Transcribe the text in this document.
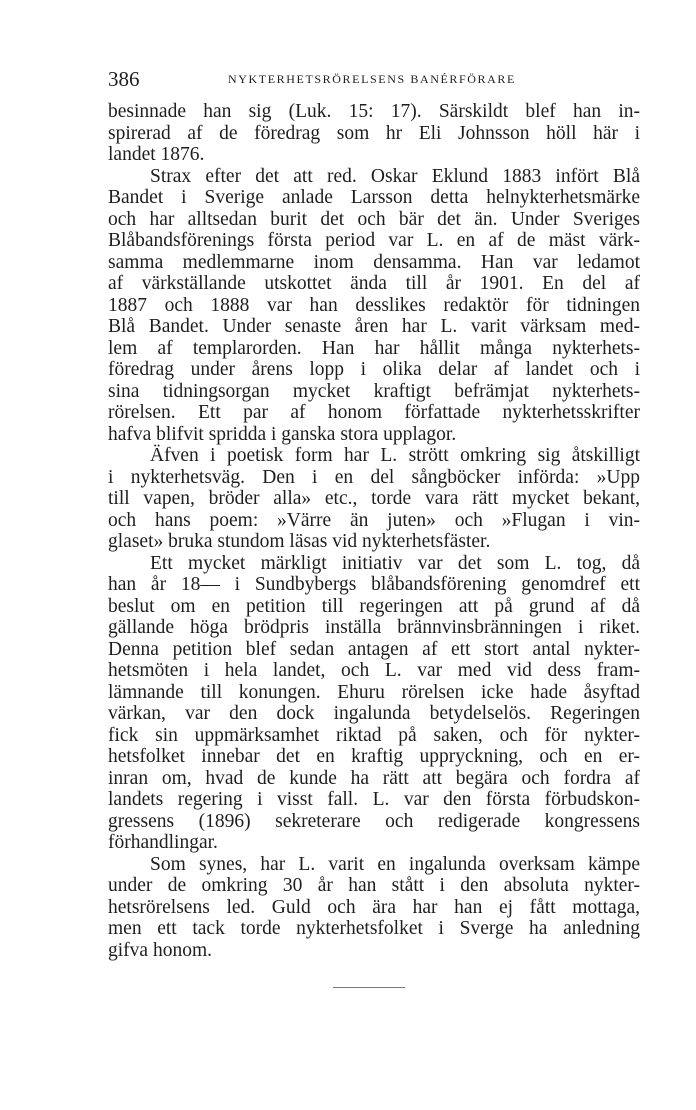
386	NYKTERHETSRÖRELSENS BANÉRFÖRARE
besinnade han sig (Luk. 15: 17). Särskildt blef han in-
spirerad af de föredrag som hr Eli Johnsson höll här i
landet 1876.
Strax efter det att red. Oskar Eklund 1883 infört Blå
Bandet i Sverige anlade Larsson detta helnykterhetsmärke
och har alltsedan burit det och bär det än. Under Sveriges
Blåbandsförenings första period var L. en af de mäst värk-
samma medlemmarne inom densamma. Han var ledamot
af värkställande utskottet ända till år 1901. En del af
1887 och 1888 var han desslikes redaktör för tidningen
Blå Bandet. Under senaste åren har L. varit värksam med-
lem af templarorden. Han har hållit många nykterhets-
föredrag under årens lopp i olika delar af landet och i
sina tidningsorgan mycket kraftigt befrämjat nykterhets-
rörelsen. Ett par af honom författade nykterhetsskrifter
hafva blifvit spridda i ganska stora upplagor.
Äfven i poetisk form har L. strött omkring sig åtskilligt
i nykterhetsväg. Den i en del sångböcker införda: »Upp
till vapen, bröder alla» etc., torde vara rätt mycket bekant,
och hans poem: »Värre än juten» och »Flugan i vin-
glaset» bruka stundom läsas vid nykterhetsfäster.
Ett mycket märkligt initiativ var det som L. tog, då
han år 18— i Sundbybergs blåbandsförening genomdref ett
beslut om en petition till regeringen att på grund af då
gällande höga brödpris inställa brännvinsbränningen i riket.
Denna petition blef sedan antagen af ett stort antal nykter-
hetsmöten i hela landet, och L. var med vid dess fram-
lämnande till konungen. Ehuru rörelsen icke hade åsyftad
värkan, var den dock ingalunda betydelselös. Regeringen
fick sin uppmärksamhet riktad på saken, och för nykter-
hetsfolket innebar det en kraftig uppryckning, och en er-
inran om, hvad de kunde ha rätt att begära och fordra af
landets regering i visst fall. L. var den första förbudskon-
gressens (1896) sekreterare och redigerade kongressens
förhandlingar.
Som synes, har L. varit en ingalunda overksam kämpe
under de omkring 30 år han stått i den absoluta nykter-
hetsrörelsens led. Guld och ära har han ej fått mottaga,
men ett tack torde nykterhetsfolket i Sverge ha anledning
gifva honom.
